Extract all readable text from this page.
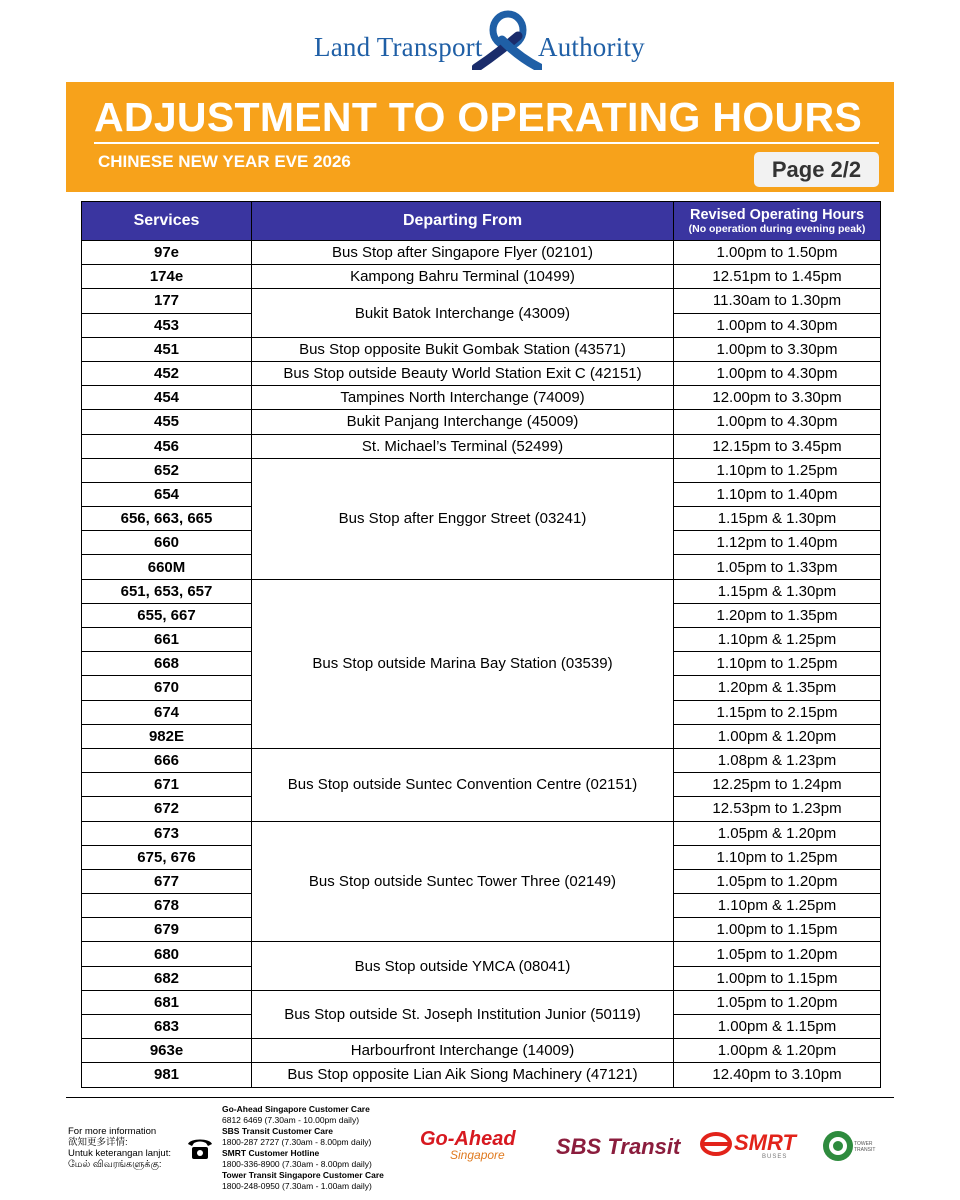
Land Transport Authority
ADJUSTMENT TO OPERATING HOURS
CHINESE NEW YEAR EVE 2026	Page 2/2
Services	Departing From	Revised Operating Hours
(No operation during evening peak)

97e	Bus Stop after Singapore Flyer (02101)	1.00pm to 1.50pm
174e	Kampong Bahru Terminal (10499)	12.51pm to 1.45pm
177	Bukit Batok Interchange (43009)	11.30am to 1.30pm
453		1.00pm to 4.30pm
451	Bus Stop opposite Bukit Gombak Station (43571)	1.00pm to 3.30pm
452	Bus Stop outside Beauty World Station Exit C (42151)	1.00pm to 4.30pm
454	Tampines North Interchange (74009)	12.00pm to 3.30pm
455	Bukit Panjang Interchange (45009)	1.00pm to 4.30pm
456	St. Michael’s Terminal (52499)	12.15pm to 3.45pm
652	Bus Stop after Enggor Street (03241)	1.10pm to 1.25pm
654		1.10pm to 1.40pm
656, 663, 665		1.15pm & 1.30pm
660		1.12pm to 1.40pm
660M		1.05pm to 1.33pm
651, 653, 657	Bus Stop outside Marina Bay Station (03539)	1.15pm & 1.30pm
655, 667		1.20pm to 1.35pm
661		1.10pm & 1.25pm
668		1.10pm to 1.25pm
670		1.20pm & 1.35pm
674		1.15pm to 2.15pm
982E		1.00pm & 1.20pm
666	Bus Stop outside Suntec Convention Centre (02151)	1.08pm & 1.23pm
671		12.25pm to 1.24pm
672		12.53pm to 1.23pm
673	Bus Stop outside Suntec Tower Three (02149)	1.05pm & 1.20pm
675, 676		1.10pm to 1.25pm
677		1.05pm to 1.20pm
678		1.10pm & 1.25pm
679		1.00pm to 1.15pm
680	Bus Stop outside YMCA (08041)	1.05pm to 1.20pm
682		1.00pm to 1.15pm
681	Bus Stop outside St. Joseph Institution Junior (50119)	1.05pm to 1.20pm
683		1.00pm & 1.15pm
963e	Harbourfront Interchange (14009)	1.00pm & 1.20pm
981	Bus Stop opposite Lian Aik Siong Machinery (47121)	12.40pm to 3.10pm
For more information
欲知更多详情:
Untuk keterangan lanjut:
மேல் விவரங்களுக்கு:
Go-Ahead Singapore Customer Care
6812 6469 (7.30am - 10.00pm daily)
SBS Transit Customer Care
1800-287 2727 (7.30am - 8.00pm daily)
SMRT Customer Hotline
1800-336-8900 (7.30am - 8.00pm daily)
Tower Transit Singapore Customer Care
1800-248-0950 (7.30am - 1.00am daily)
Go-Ahead
Singapore SBS Transit SMRT
BUSES
TOWER TRANSIT
